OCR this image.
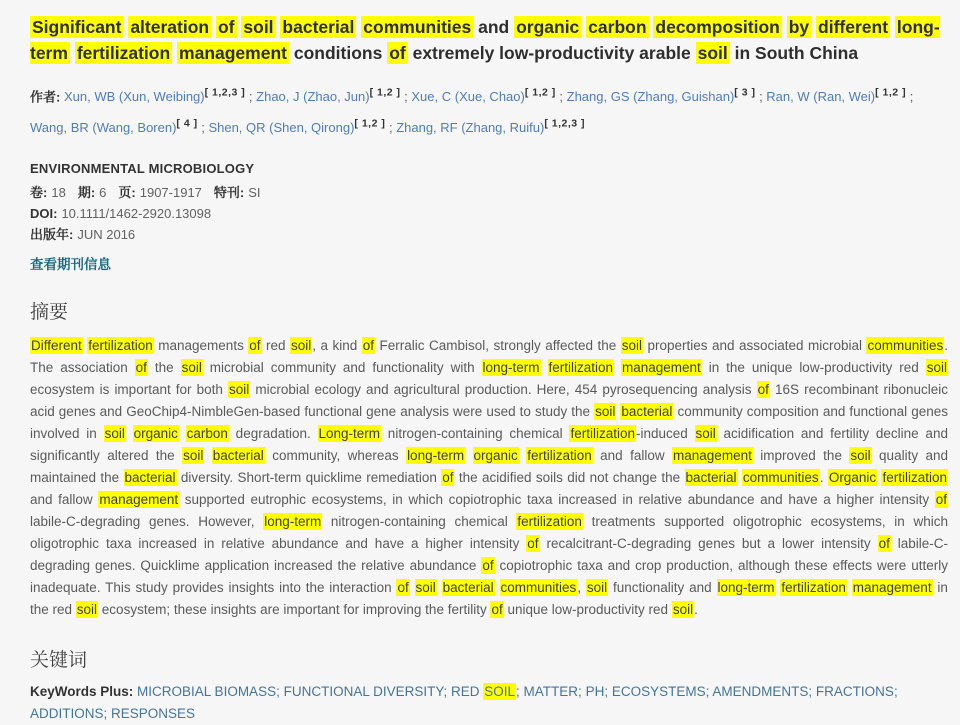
Significant alteration of soil bacterial communities and organic carbon decomposition by different long-term fertilization management conditions of extremely low-productivity arable soil in South China
作者: Xun, WB (Xun, Weibing)[ 1,2,3 ] ; Zhao, J (Zhao, Jun)[ 1,2 ] ; Xue, C (Xue, Chao)[ 1,2 ] ; Zhang, GS (Zhang, Guishan)[ 3 ] ; Ran, W (Ran, Wei)[ 1,2 ] ; Wang, BR (Wang, Boren)[ 4 ] ; Shen, QR (Shen, Qirong)[ 1,2 ] ; Zhang, RF (Zhang, Ruifu)[ 1,2,3 ]
ENVIRONMENTAL MICROBIOLOGY
卷: 18 期: 6 页: 1907-1917 特刊: SI
DOI: 10.1111/1462-2920.13098
出版年: JUN 2016
查看期刊信息
摘要

Different fertilization managements of red soil, a kind of Ferralic Cambisol, strongly affected the soil properties and associated microbial communities. The association of the soil microbial community and functionality with long-term fertilization management in the unique low-productivity red soil ecosystem is important for both soil microbial ecology and agricultural production. Here, 454 pyrosequencing analysis of 16S recombinant ribonucleic acid genes and GeoChip4-NimbleGen-based functional gene analysis were used to study the soil bacterial community composition and functional genes involved in soil organic carbon degradation. Long-term nitrogen-containing chemical fertilization-induced soil acidification and fertility decline and significantly altered the soil bacterial community, whereas long-term organic fertilization and fallow management improved the soil quality and maintained the bacterial diversity. Short-term quicklime remediation of the acidified soils did not change the bacterial communities. Organic fertilization and fallow management supported eutrophic ecosystems, in which copiotrophic taxa increased in relative abundance and have a higher intensity of labile-C-degrading genes. However, long-term nitrogen-containing chemical fertilization treatments supported oligotrophic ecosystems, in which oligotrophic taxa increased in relative abundance and have a higher intensity of recalcitrant-C-degrading genes but a lower intensity of labile-C-degrading genes. Quicklime application increased the relative abundance of copiotrophic taxa and crop production, although these effects were utterly inadequate. This study provides insights into the interaction of soil bacterial communities, soil functionality and long-term fertilization management in the red soil ecosystem; these insights are important for improving the fertility of unique low-productivity red soil.

关键词
KeyWords Plus: MICROBIAL BIOMASS; FUNCTIONAL DIVERSITY; RED SOIL; MATTER; PH; ECOSYSTEMS; AMENDMENTS; FRACTIONS; ADDITIONS; RESPONSES
